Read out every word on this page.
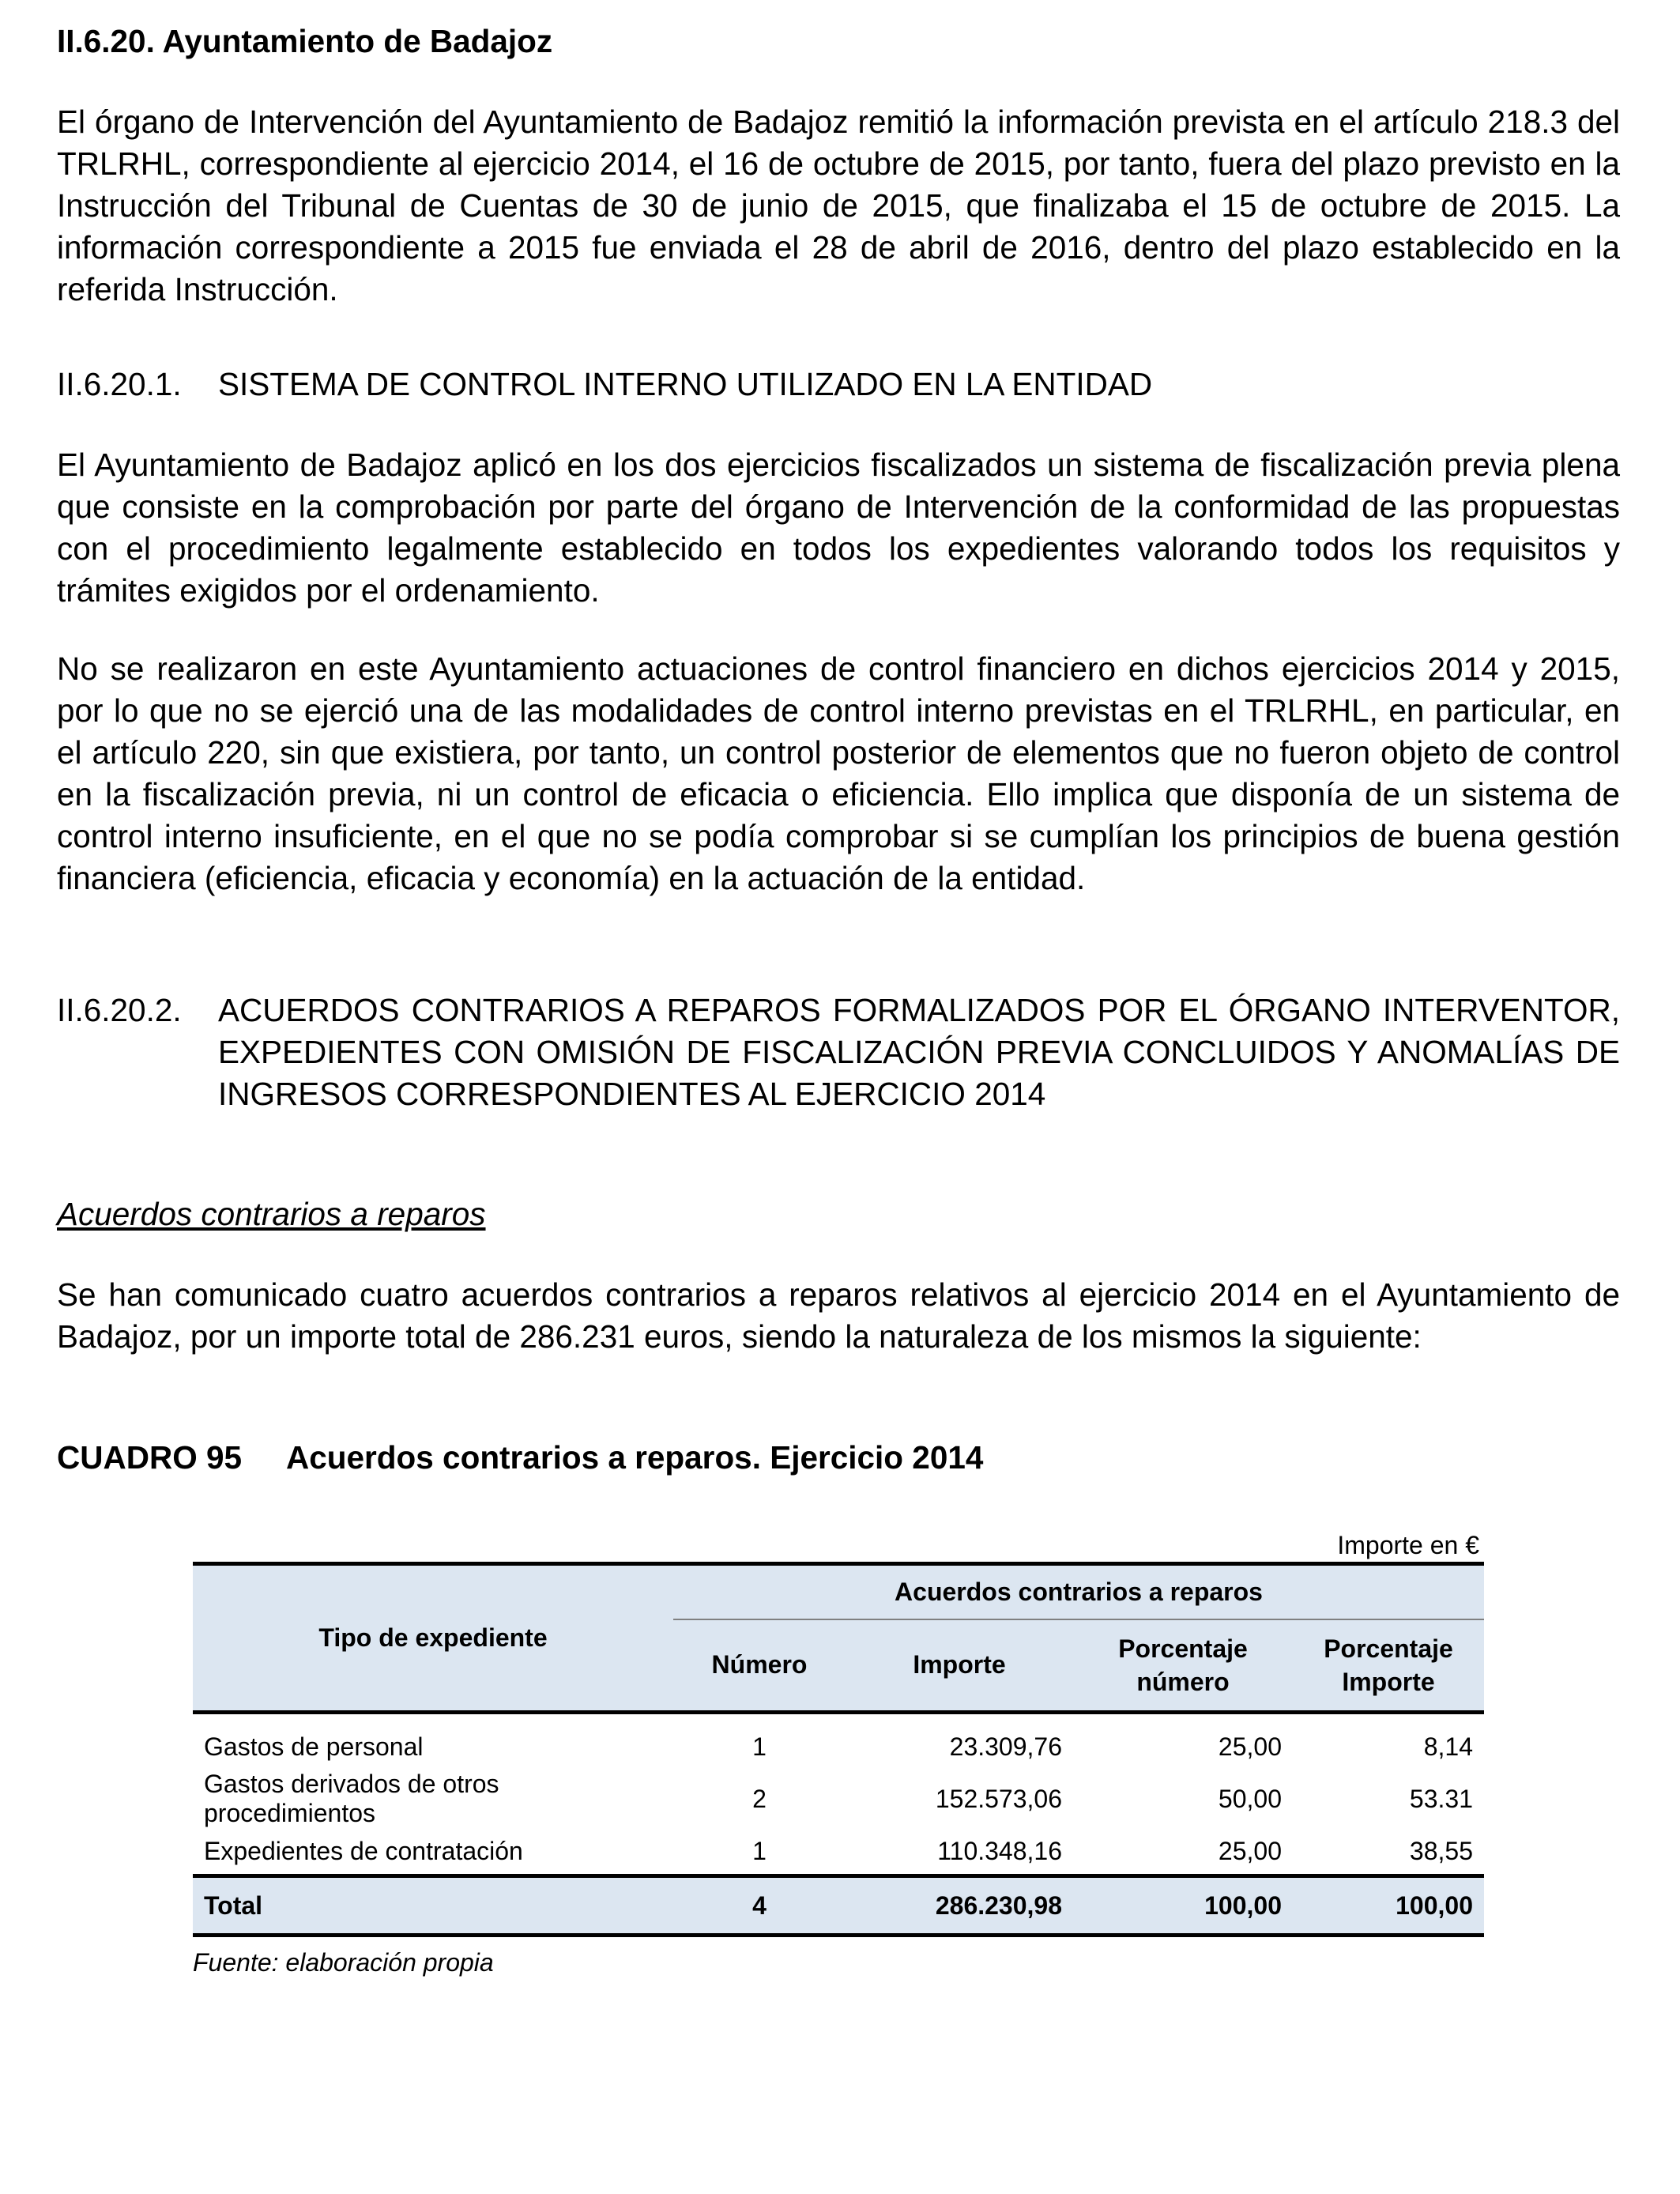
II.6.20. Ayuntamiento de Badajoz

El órgano de Intervención del Ayuntamiento de Badajoz remitió la información prevista en el artículo 218.3 del TRLRHL, correspondiente al ejercicio 2014, el 16 de octubre de 2015, por tanto, fuera del plazo previsto en la Instrucción del Tribunal de Cuentas de 30 de junio de 2015, que finalizaba el 15 de octubre de 2015. La información correspondiente a 2015 fue enviada el 28 de abril de 2016, dentro del plazo establecido en la referida Instrucción.

II.6.20.1.	SISTEMA DE CONTROL INTERNO UTILIZADO EN LA ENTIDAD

El Ayuntamiento de Badajoz aplicó en los dos ejercicios fiscalizados un sistema de fiscalización previa plena que consiste en la comprobación por parte del órgano de Intervención de la conformidad de las propuestas con el procedimiento legalmente establecido en todos los expedientes valorando todos los requisitos y trámites exigidos por el ordenamiento.

No se realizaron en este Ayuntamiento actuaciones de control financiero en dichos ejercicios 2014 y 2015, por lo que no se ejerció una de las modalidades de control interno previstas en el TRLRHL, en particular, en el artículo 220, sin que existiera, por tanto, un control posterior de elementos que no fueron objeto de control en la fiscalización previa, ni un control de eficacia o eficiencia. Ello implica que disponía de un sistema de control interno insuficiente, en el que no se podía comprobar si se cumplían los principios de buena gestión financiera (eficiencia, eficacia y economía) en la actuación de la entidad.

II.6.20.2.	ACUERDOS CONTRARIOS A REPAROS FORMALIZADOS POR EL ÓRGANO INTERVENTOR, EXPEDIENTES CON OMISIÓN DE FISCALIZACIÓN PREVIA CONCLUIDOS Y ANOMALÍAS DE INGRESOS CORRESPONDIENTES AL EJERCICIO 2014

Acuerdos contrarios a reparos

Se han comunicado cuatro acuerdos contrarios a reparos relativos al ejercicio 2014 en el Ayuntamiento de Badajoz, por un importe total de 286.231 euros, siendo la naturaleza de los mismos la siguiente:

CUADRO 95 Acuerdos contrarios a reparos. Ejercicio 2014

Importe en €
Tipo de expediente	Acuerdos contrarios a reparos			
	Número	Importe	Porcentaje número	Porcentaje Importe

Gastos de personal	1	23.309,76	25,00	8,14
Gastos derivados de otros procedimientos	2	152.573,06	50,00	53.31
Expedientes de contratación	1	110.348,16	25,00	38,55
Total	4	286.230,98	100,00	100,00
Fuente: elaboración propia
